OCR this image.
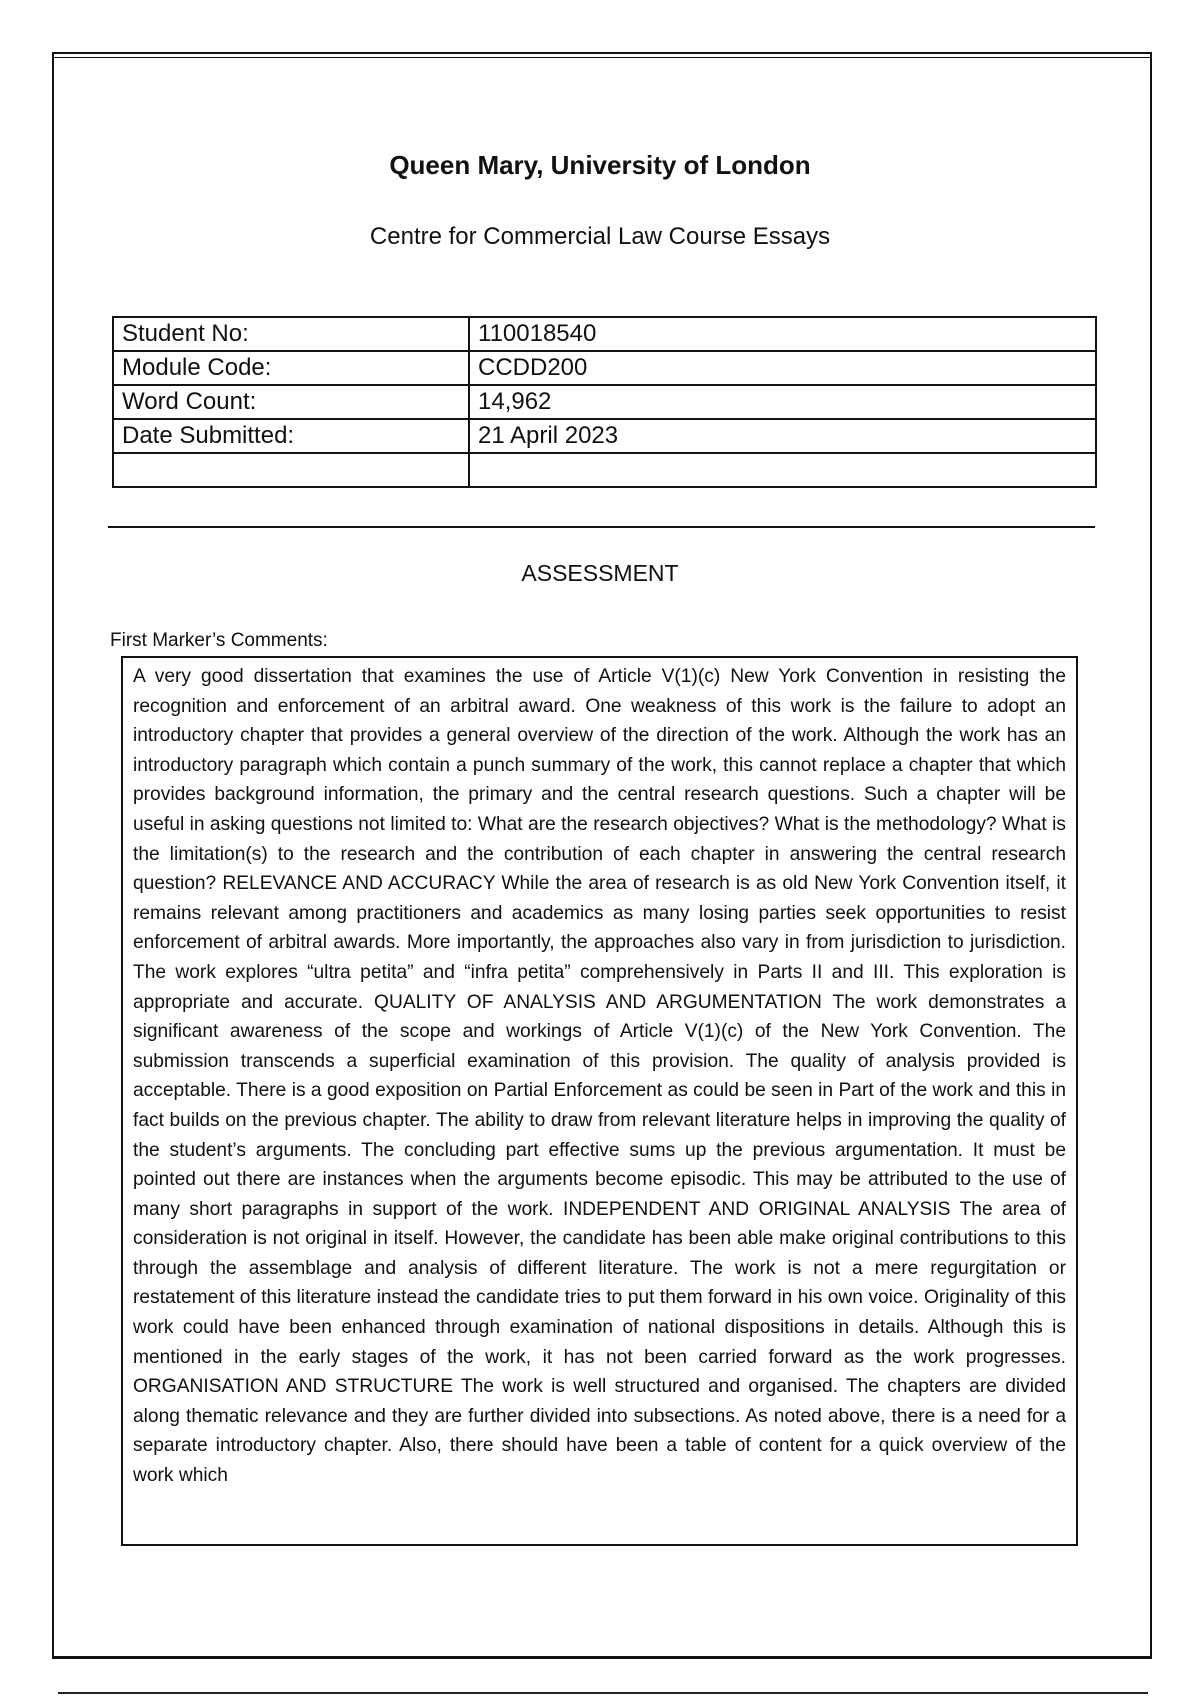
Queen Mary, University of London
Centre for Commercial Law Course Essays
Student No:	110018540
Module Code:	CCDD200
Word Count:	14,962
Date Submitted:	21 April 2023

ASSESSMENT
First Marker’s Comments:

A very good dissertation that examines the use of Article V(1)(c) New York Convention in resisting the recognition and enforcement of an arbitral award. One weakness of this work is the failure to adopt an introductory chapter that provides a general overview of the direction of the work. Although the work has an introductory paragraph which contain a punch summary of the work, this cannot replace a chapter that which provides background information, the primary and the central research questions. Such a chapter will be useful in asking questions not limited to: What are the research objectives? What is the methodology? What is the limitation(s) to the research and the contribution of each chapter in answering the central research question? RELEVANCE AND ACCURACY While the area of research is as old New York Convention itself, it remains relevant among practitioners and academics as many losing parties seek opportunities to resist enforcement of arbitral awards. More importantly, the approaches also vary in from jurisdiction to jurisdiction. The work explores “ultra petita” and “infra petita” comprehensively in Parts II and III. This exploration is appropriate and accurate. QUALITY OF ANALYSIS AND ARGUMENTATION The work demonstrates a significant awareness of the scope and workings of Article V(1)(c) of the New York Convention. The submission transcends a superficial examination of this provision. The quality of analysis provided is acceptable. There is a good exposition on Partial Enforcement as could be seen in Part of the work and this in fact builds on the previous chapter. The ability to draw from relevant literature helps in improving the quality of the student’s arguments. The concluding part effective sums up the previous argumentation. It must be pointed out there are instances when the arguments become episodic. This may be attributed to the use of many short paragraphs in support of the work. INDEPENDENT AND ORIGINAL ANALYSIS The area of consideration is not original in itself. However, the candidate has been able make original contributions to this through the assemblage and analysis of different literature. The work is not a mere regurgitation or restatement of this literature instead the candidate tries to put them forward in his own voice. Originality of this work could have been enhanced through examination of national dispositions in details. Although this is mentioned in the early stages of the work, it has not been carried forward as the work progresses. ORGANISATION AND STRUCTURE The work is well structured and organised. The chapters are divided along thematic relevance and they are further divided into subsections. As noted above, there is a need for a separate introductory chapter. Also, there should have been a table of content for a quick overview of the work which
